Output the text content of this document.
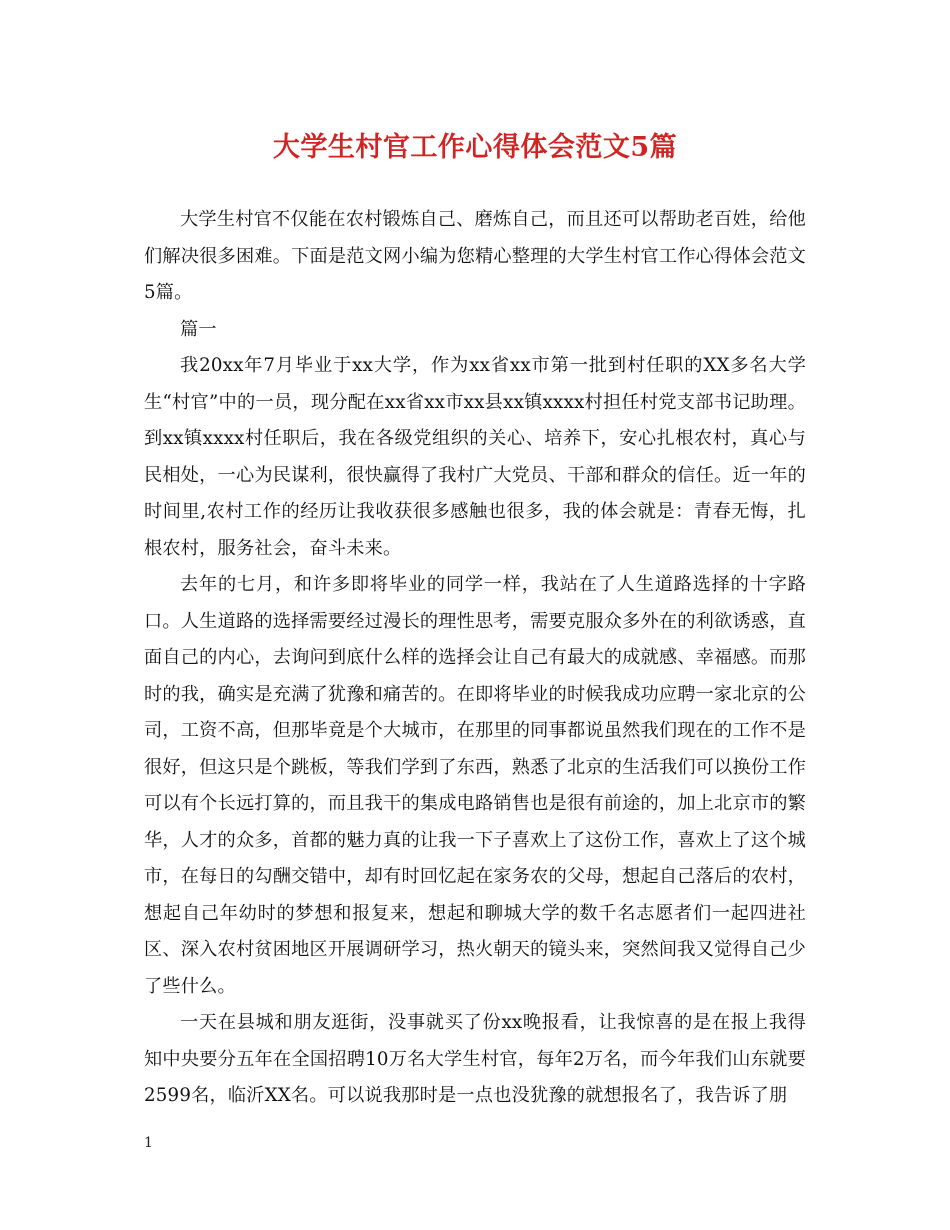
大学生村官工作心得体会范文5篇

大学生村官不仅能在农村锻炼自己、磨炼自己，而且还可以帮助老百姓，给他们解决很多困难。下面是范文网小编为您精心整理的大学生村官工作心得体会范文5篇。

篇一

我20xx年7月毕业于xx大学，作为xx省xx市第一批到村任职的XX多名大学生“村官”中的一员，现分配在xx省xx市xx县xx镇xxxx村担任村党支部书记助理。 到xx镇xxxx村任职后，我在各级党组织的关心、培养下，安心扎根农村，真心与民相处，一心为民谋利，很快赢得了我村广大党员、干部和群众的信任。近一年的时间里,农村工作的经历让我收获很多感触也很多，我的体会就是：青春无悔，扎根农村，服务社会，奋斗未来。

去年的七月，和许多即将毕业的同学一样，我站在了人生道路选择的十字路口。人生道路的选择需要经过漫长的理性思考，需要克服众多外在的利欲诱惑，直面自己的内心，去询问到底什么样的选择会让自己有最大的成就感、幸福感。而那时的我，确实是充满了犹豫和痛苦的。在即将毕业的时候我成功应聘一家北京的公司，工资不高，但那毕竟是个大城市，在那里的同事都说虽然我们现在的工作不是很好，但这只是个跳板，等我们学到了东西，熟悉了北京的生活我们可以换份工作可以有个长远打算的，而且我干的集成电路销售也是很有前途的，加上北京市的繁华，人才的众多，首都的魅力真的让我一下子喜欢上了这份工作，喜欢上了这个城市，在每日的勾酬交错中，却有时回忆起在家务农的父母，想起自己落后的农村，想起自己年幼时的梦想和报复来，想起和聊城大学的数千名志愿者们一起四进社区、深入农村贫困地区开展调研学习，热火朝天的镜头来，突然间我又觉得自己少了些什么。

一天在县城和朋友逛街，没事就买了份xx晚报看，让我惊喜的是在报上我得知中央要分五年在全国招聘10万名大学生村官，每年2万名，而今年我们山东就要2599名，临沂XX名。可以说我那时是一点也没犹豫的就想报名了，我告诉了朋

1
